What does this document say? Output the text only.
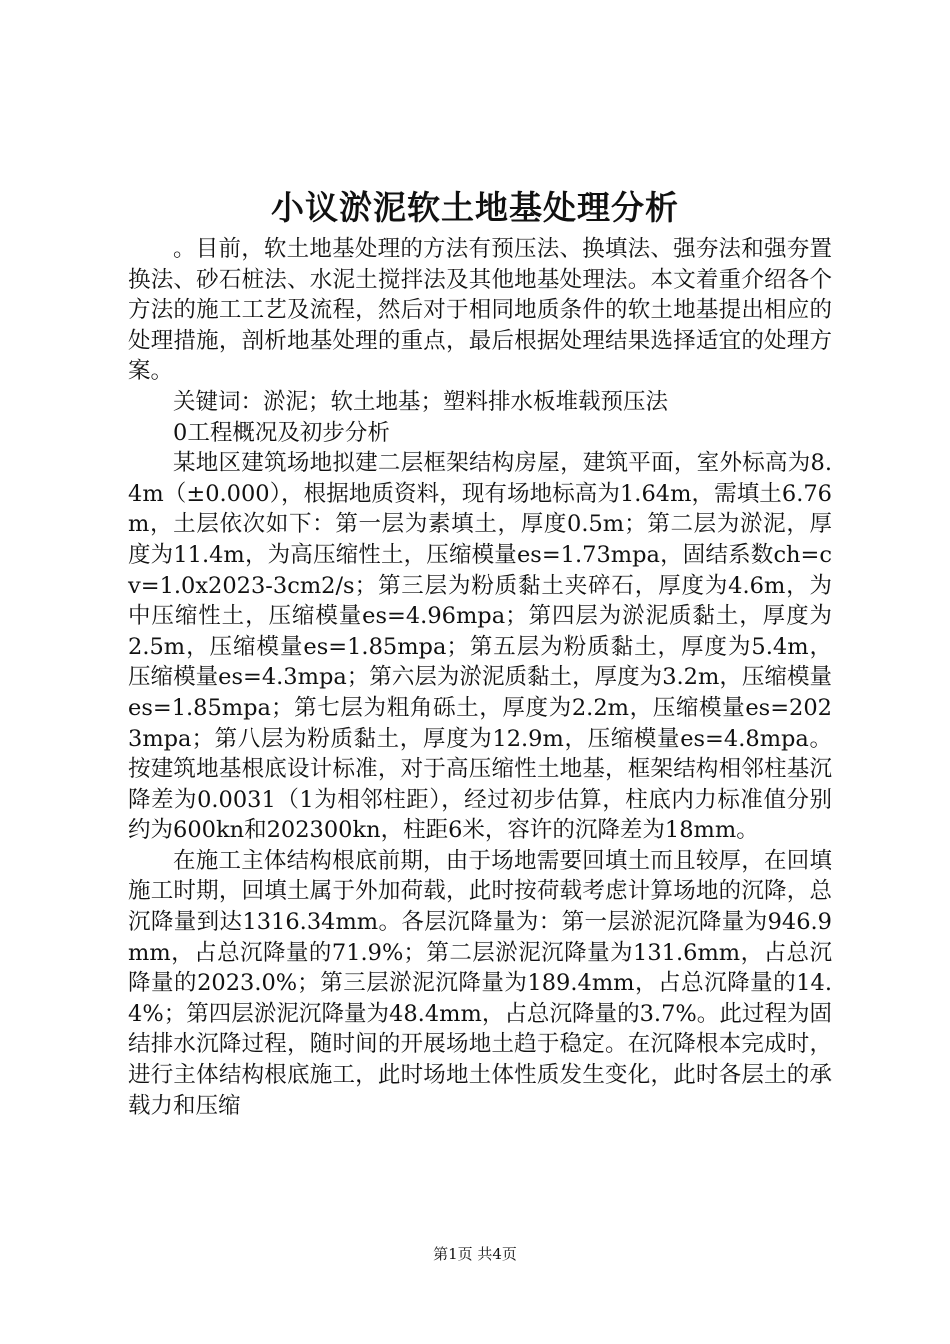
小议淤泥软土地基处理分析

。目前，软土地基处理的方法有预压法、换填法、强夯法和强夯置换法、砂石桩法、水泥土搅拌法及其他地基处理法。本文着重介绍各个方法的施工工艺及流程，然后对于相同地质条件的软土地基提出相应的处理措施，剖析地基处理的重点，最后根据处理结果选择适宜的处理方案。

关键词：淤泥；软土地基；塑料排水板堆载预压法

0工程概况及初步分析

某地区建筑场地拟建二层框架结构房屋，建筑平面，室外标高为8.4m（±0.000），根据地质资料，现有场地标高为1.64m，需填土6.76m，土层依次如下：第一层为素填土，厚度0.5m；第二层为淤泥，厚度为11.4m，为高压缩性土，压缩模量es=1.73mpa，固结系数ch=cv=1.0x2023-3cm2/s；第三层为粉质黏土夹碎石，厚度为4.6m，为中压缩性土，压缩模量es=4.96mpa；第四层为淤泥质黏土，厚度为2.5m，压缩模量es=1.85mpa；第五层为粉质黏土，厚度为5.4m，压缩模量es=4.3mpa；第六层为淤泥质黏土，厚度为3.2m，压缩模量es=1.85mpa；第七层为粗角砾土，厚度为2.2m，压缩模量es=2023mpa；第八层为粉质黏土，厚度为12.9m，压缩模量es=4.8mpa。按建筑地基根底设计标准，对于高压缩性土地基，框架结构相邻柱基沉降差为0.0031（1为相邻柱距），经过初步估算，柱底内力标准值分别约为600kn和202300kn，柱距6米，容许的沉降差为18mm。

在施工主体结构根底前期，由于场地需要回填土而且较厚，在回填施工时期，回填土属于外加荷载，此时按荷载考虑计算场地的沉降，总沉降量到达1316.34mm。各层沉降量为：第一层淤泥沉降量为946.9mm，占总沉降量的71.9%；第二层淤泥沉降量为131.6mm，占总沉降量的2023.0%；第三层淤泥沉降量为189.4mm，占总沉降量的14.4%；第四层淤泥沉降量为48.4mm，占总沉降量的3.7%。此过程为固结排水沉降过程，随时间的开展场地土趋于稳定。在沉降根本完成时，进行主体结构根底施工，此时场地土体性质发生变化，此时各层土的承载力和压缩

第1页 共4页
